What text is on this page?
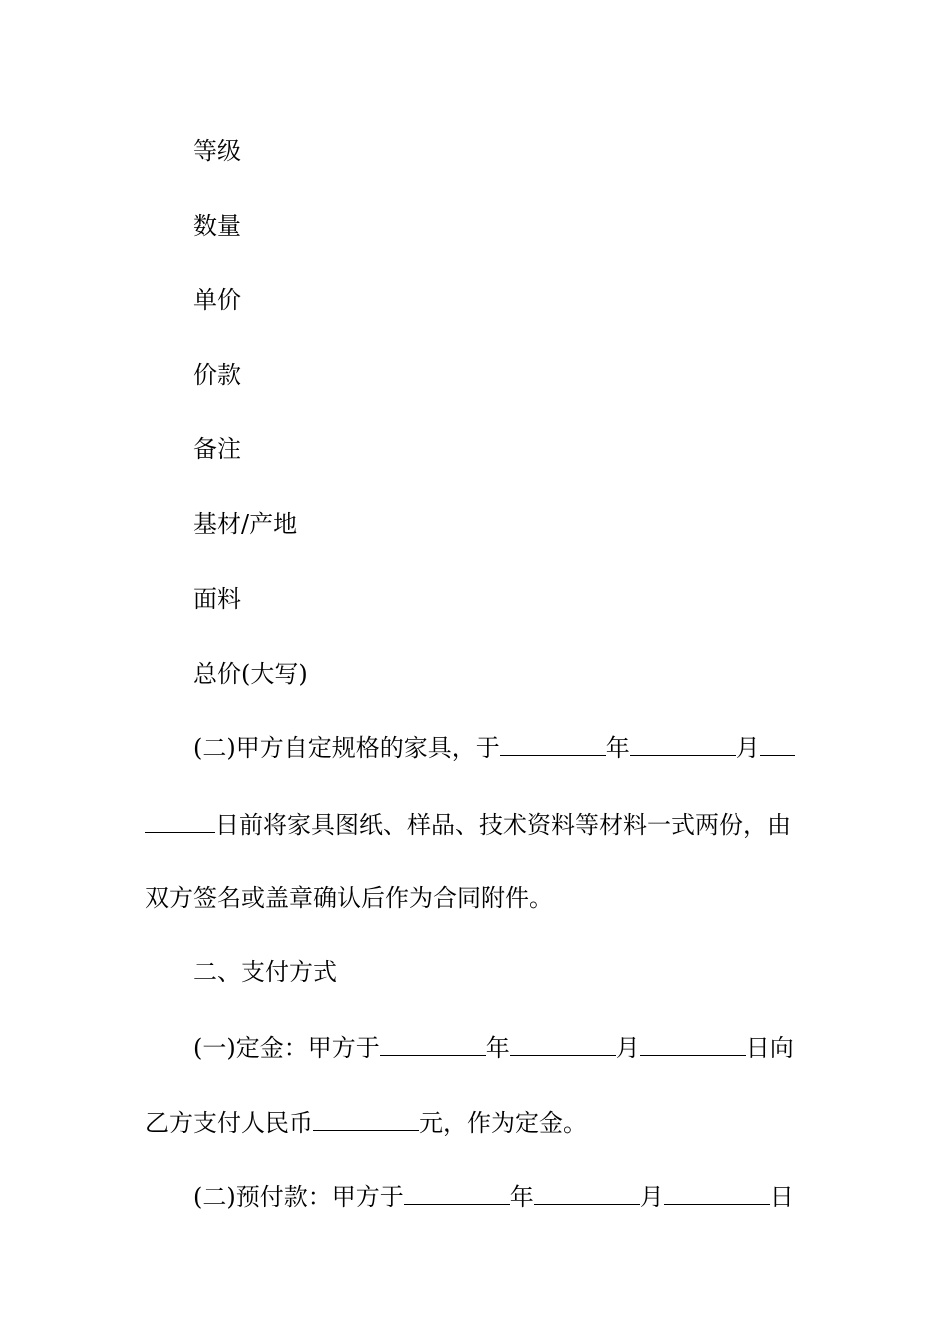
等级
数量
单价
价款
备注
基材/产地
面料
总价(大写)
(二)甲方自定规格的家具，于	年	月
日前将家具图纸、样品、技术资料等材料一式两份，由
双方签名或盖章确认后作为合同附件。
二、支付方式
(一)定金：甲方于	年	月	日向
乙方支付人民币	元，作为定金。
(二)预付款：甲方于	年	月	日
